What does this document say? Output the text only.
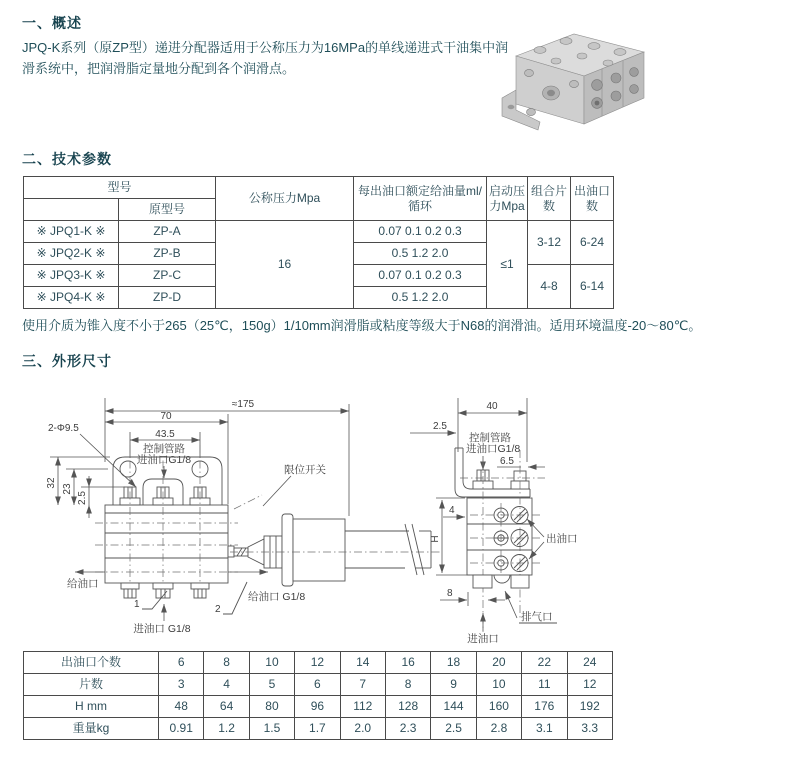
一、概述
JPQ-K系列（原ZP型）递进分配器适用于公称压力为16MPa的单线递进式干油集中润滑系统中，把润滑脂定量地分配到各个润滑点。
二、技术参数
型号		公称压力Mpa	每出油口额定给油量ml/循环	启动压力Mpa	组合片数	出油口数
	原型号					
※ JPQ1-K ※	ZP-A	16	0.07 0.1 0.2 0.3	≤1	3-12	6-24
※ JPQ2-K ※	ZP-B		0.5 1.2 2.0			
※ JPQ3-K ※	ZP-C		0.07 0.1 0.2 0.3		4-8	6-14
※ JPQ4-K ※	ZP-D		0.5 1.2 2.0			
使用介质为锥入度不小于265（25℃，150g）1/10mm润滑脂或粘度等级大于N68的润滑油。适用环境温度-20～80℃。
三、外形尺寸
≈175
70
43.5
控制管路
进油口G1/8
2-Φ9.5
32
23
2.5
给油口
给油口 G1/8
1	2
进油口 G1/8
限位开关
40
2.5
控制管路
进油口G1/8
6.5
H
4
8
出油口
排气口
进油口
出油口个数	6	8	10	12	14	16	18	20	22	24
片数	3	4	5	6	7	8	9	10	11	12
H mm	48	64	80	96	112	128	144	160	176	192
重量kg	0.91	1.2	1.5	1.7	2.0	2.3	2.5	2.8	3.1	3.3
